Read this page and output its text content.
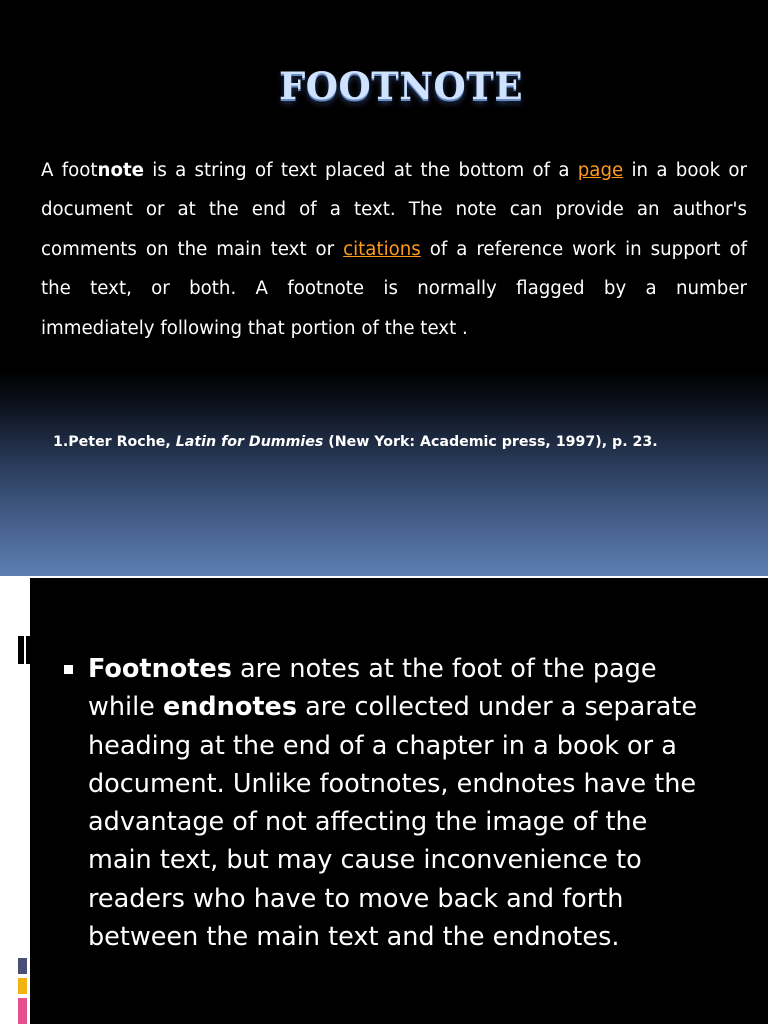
FOOTNOTE

A footnote is a string of text placed at the bottom of a page in a book or
document or at the end of a text. The note can provide an author's
comments on the main text or citations of a reference work in support of
the text, or both. A footnote is normally flagged by a number
immediately following that portion of the text .

1.Peter Roche, Latin for Dummies (New York: Academic press, 1997), p. 23.

Footnotes are notes at the foot of the page
while endnotes are collected under a separate
heading at the end of a chapter in a book or a
document. Unlike footnotes, endnotes have the
advantage of not affecting the image of the
main text, but may cause inconvenience to
readers who have to move back and forth
between the main text and the endnotes.
